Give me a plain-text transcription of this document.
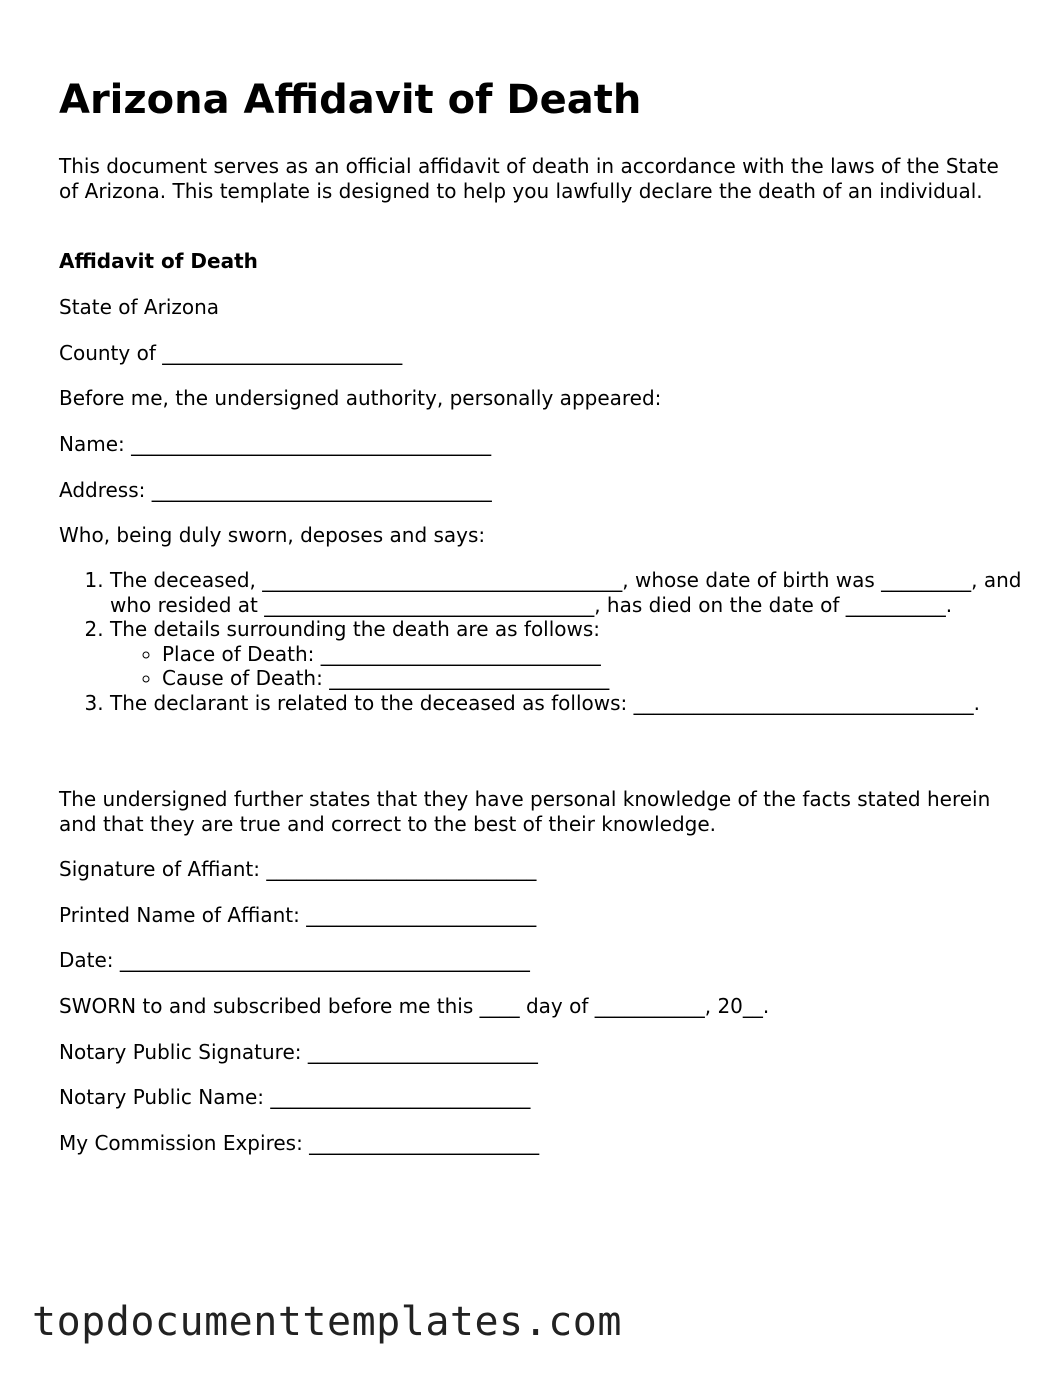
Arizona Affidavit of Death

This document serves as an official affidavit of death in accordance with the laws of the State of Arizona. This template is designed to help you lawfully declare the death of an individual.

Affidavit of Death

State of Arizona

County of ________________________

Before me, the undersigned authority, personally appeared:

Name: ____________________________________

Address: __________________________________

Who, being duly sworn, deposes and says:

1. The deceased, ____________________________________, whose date of birth was _________, and who resided at _________________________________, has died on the date of __________.
2. The details surrounding the death are as follows:
◦ Place of Death: ____________________________
◦ Cause of Death: ____________________________
3. The declarant is related to the deceased as follows: __________________________________.

The undersigned further states that they have personal knowledge of the facts stated herein and that they are true and correct to the best of their knowledge.

Signature of Affiant: ___________________________

Printed Name of Affiant: _______________________

Date: _________________________________________

SWORN to and subscribed before me this ____ day of ___________, 20__.

Notary Public Signature: _______________________

Notary Public Name: __________________________

My Commission Expires: _______________________

topdocumenttemplates.com
